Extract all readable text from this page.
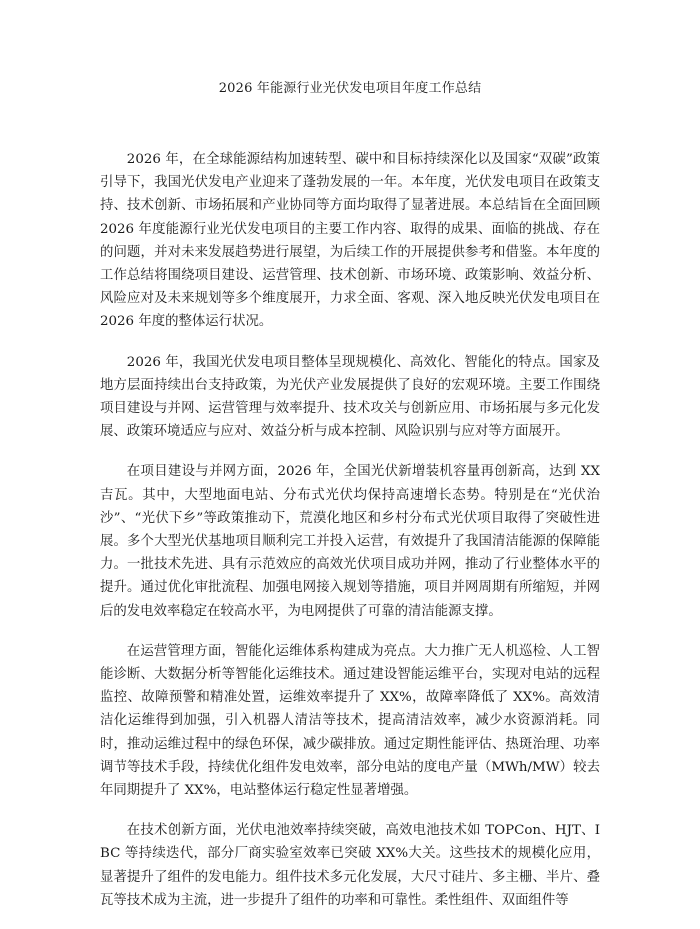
2026 年能源行业光伏发电项目年度工作总结

2026 年，在全球能源结构加速转型、碳中和目标持续深化以及国家“双碳”政策引导下，我国光伏发电产业迎来了蓬勃发展的一年。本年度，光伏发电项目在政策支持、技术创新、市场拓展和产业协同等方面均取得了显著进展。本总结旨在全面回顾 2026 年度能源行业光伏发电项目的主要工作内容、取得的成果、面临的挑战、存在的问题，并对未来发展趋势进行展望，为后续工作的开展提供参考和借鉴。本年度的工作总结将围绕项目建设、运营管理、技术创新、市场环境、政策影响、效益分析、风险应对及未来规划等多个维度展开，力求全面、客观、深入地反映光伏发电项目在 2026 年度的整体运行状况。

2026 年，我国光伏发电项目整体呈现规模化、高效化、智能化的特点。国家及地方层面持续出台支持政策，为光伏产业发展提供了良好的宏观环境。主要工作围绕项目建设与并网、运营管理与效率提升、技术攻关与创新应用、市场拓展与多元化发展、政策环境适应与应对、效益分析与成本控制、风险识别与应对等方面展开。

在项目建设与并网方面，2026 年，全国光伏新增装机容量再创新高，达到 XX 吉瓦。其中，大型地面电站、分布式光伏均保持高速增长态势。特别是在“光伏治沙”、“光伏下乡”等政策推动下，荒漠化地区和乡村分布式光伏项目取得了突破性进展。多个大型光伏基地项目顺利完工并投入运营，有效提升了我国清洁能源的保障能力。一批技术先进、具有示范效应的高效光伏项目成功并网，推动了行业整体水平的提升。通过优化审批流程、加强电网接入规划等措施，项目并网周期有所缩短，并网后的发电效率稳定在较高水平，为电网提供了可靠的清洁能源支撑。

在运营管理方面，智能化运维体系构建成为亮点。大力推广无人机巡检、人工智能诊断、大数据分析等智能化运维技术。通过建设智能运维平台，实现对电站的远程监控、故障预警和精准处置，运维效率提升了 XX%，故障率降低了 XX%。高效清洁化运维得到加强，引入机器人清洁等技术，提高清洁效率，减少水资源消耗。同时，推动运维过程中的绿色环保，减少碳排放。通过定期性能评估、热斑治理、功率调节等技术手段，持续优化组件发电效率，部分电站的度电产量（MWh/MW）较去年同期提升了 XX%，电站整体运行稳定性显著增强。

在技术创新方面，光伏电池效率持续突破，高效电池技术如 TOPCon、HJT、IBC 等持续迭代，部分厂商实验室效率已突破 XX%大关。这些技术的规模化应用，显著提升了组件的发电能力。组件技术多元化发展，大尺寸硅片、多主栅、半片、叠瓦等技术成为主流，进一步提升了组件的功率和可靠性。柔性组件、双面组件等
